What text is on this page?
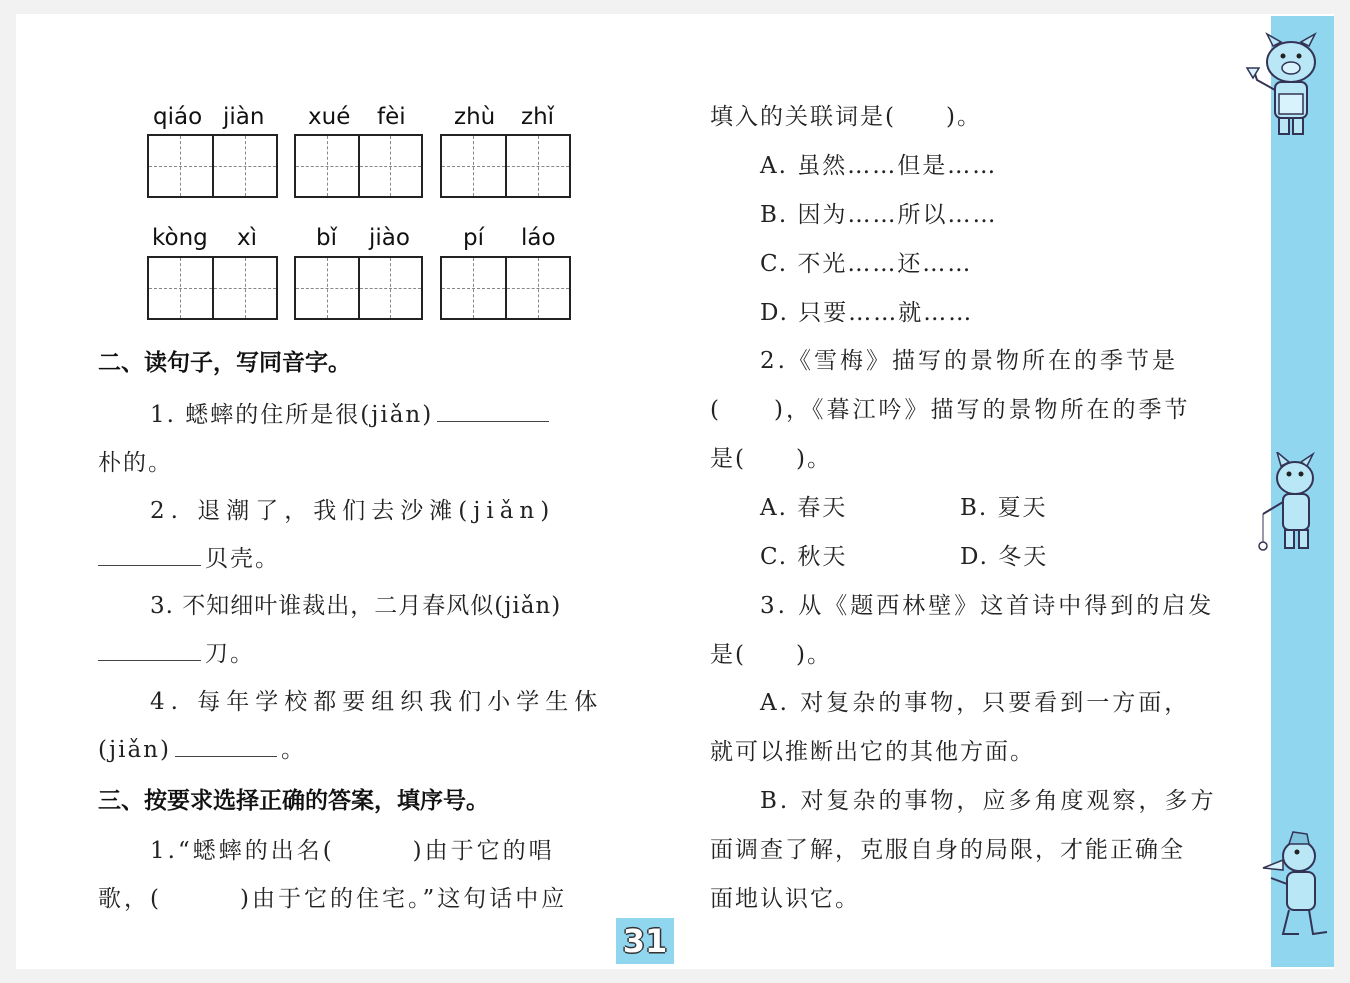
qiáo jiàn xué fèi zhù zhǐ
kòng xì	bǐ jiào pí láo
二、读句子，写同音字。
1. 蟋蟀的住所是很(jiǎn)
朴的。
2. 退潮了，我们去沙滩(jiǎn)
贝壳。
3. 不知细叶谁裁出，二月春风似(jiǎn)
刀。
4. 每年学校都要组织我们小学生体
(jiǎn)	。
三、按要求选择正确的答案，填序号。
1.“蟋蟀的出名(　　　)由于它的唱
歌，(　　　)由于它的住宅。”这句话中应
填入的关联词是(　　)。
A. 虽然……但是……
B. 因为……所以……
C. 不光……还……
D. 只要……就……
2.《雪梅》描写的景物所在的季节是
(　　)，《暮江吟》描写的景物所在的季节
是(　　)。
A. 春天	B. 夏天
C. 秋天	D. 冬天
3. 从《题西林壁》这首诗中得到的启发
是(　　)。
A. 对复杂的事物，只要看到一方面，
就可以推断出它的其他方面。
B. 对复杂的事物，应多角度观察，多方
面调查了解，克服自身的局限，才能正确全
面地认识它。
31
